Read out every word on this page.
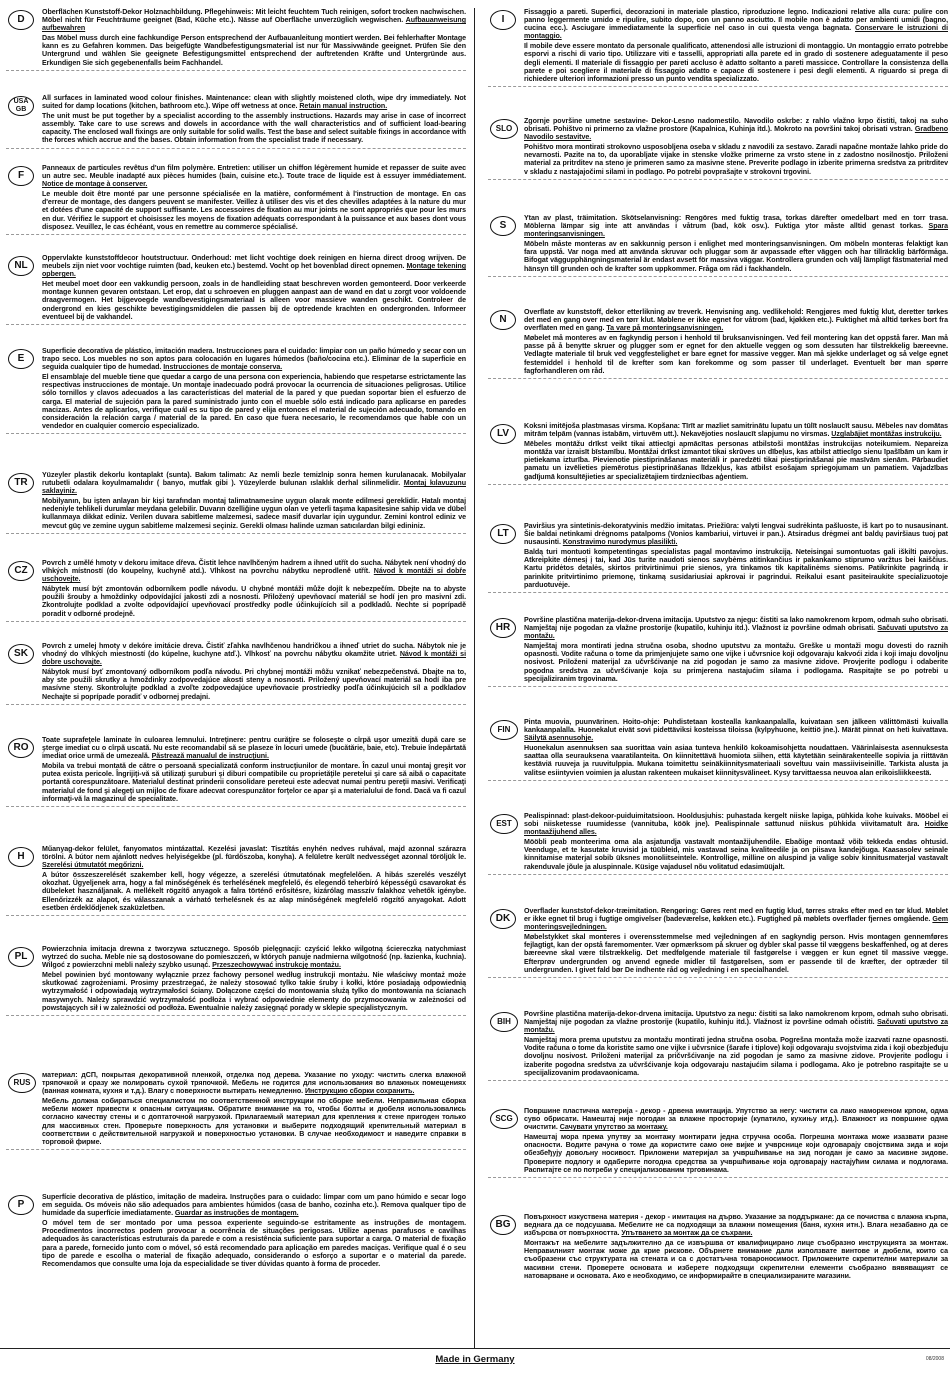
D

Oberflächen Kunststoff-Dekor Holznachbildung. Pflegehinweis: Mit leicht feuchtem Tuch reinigen, sofort trocken nachwischen. Möbel nicht für Feuchträume geeignet (Bad, Küche etc.). Nässe auf Oberfläche unverzüglich wegwischen. Aufbauanweisung aufbewahren

Das Möbel muss durch eine fachkundige Person entsprechend der Aufbauanleitung montiert werden. Bei fehlerhafter Montage kann es zu Gefahren kommen. Das beigefügte Wandbefestigungsmaterial ist nur für Massivwände geeignet. Prüfen Sie den Untergrund und wählen Sie geeignete Befestigungsmittel entsprechend der auftretenden Kräfte und Untergründe aus. Erkundigen Sie sich gegebenenfalls beim Fachhandel.

USA
GB

All surfaces in laminated wood colour finishes. Maintenance: clean with slightly moistened cloth, wipe dry immediately. Not suited for damp locations (kitchen, bathroom etc.). Wipe off wetness at once. Retain manual instruction.

The unit must be put together by a specialist according to the assembly instructions. Hazards may arise in case of incorrect assembly. Take care to use screws and dowels in accordance with the wall characteristics and of sufficient load-bearing capacity. The enclosed wall fixings are only suitable for solid walls. Test the base and select suitable fixings in accordance with the forces which accrue and the bases. Obtain information from the specialist trade if necessary.

F

Panneaux de particules revêtus d'un film polymère. Entretien: utiliser un chiffon légèrement humide et repasser de suite avec un autre sec. Meuble inadapté aux pièces humides (bain, cuisine etc.). Toute trace de liquide est à essuyer immédiatement. Notice de montage à conserver.

Le meuble doit être monté par une personne spécialisée en la matière, conformément à l'instruction de montage. En cas d'erreur de montage, des dangers peuvent se manifester. Veillez à utiliser des vis et des chevilles adaptées à la nature du mur et dotées d'une capacité de support suffisante. Les accessoires de fixation au mur joints ne sont appropriés que pour les murs en dur. Vérifiez le support et choisissez les moyens de fixation adéquats correspondant à la puissance et aux bases dont vous disposez. Veuillez, le cas échéant, vous en remettre au commerce spécialisé.

NL

Oppervlakte kunststoffdecor houtstructuur. Onderhoud: met licht vochtige doek reinigen en hierna direct droog wrijven. De meubels zijn niet voor vochtige ruimten (bad, keuken etc.) bestemd. Vocht op het bovenblad direct opnemen. Montage tekening opbergen.

Het meubel moet door een vakkundig persoon, zoals in de handleiding staat beschreven worden gemonteerd. Door verkeerde montage kunnen gevaren ontstaan. Let erop, dat u schroeven en pluggen aanpast aan de wand en dat u zorgt voor voldoende draagvermogen. Het bijgevoegde wandbevestigingsmateriaal is alleen voor massieve wanden geschikt. Controleer de ondergrond en kies geschikte bevestigingsmiddelen die passen bij de optredende krachten en ondergronden. Informeer eventueel bij de vakhandel.

E

Superficie decorativa de plástico, imitación madera. Instrucciones para el cuidado: limpiar con un paño húmedo y secar con un trapo seco. Los muebles no son aptos para colocación en lugares húmedos (baño/cocina etc.). Eliminar de la superficie en seguida cualquier tipo de humedad. Instrucciones de montaje conserva.

El ensamblaje del mueble tiene que quedar a cargo de una persona con experiencia, habiendo que respetarse estrictamente las respectivas instrucciones de montaje. Un montaje inadecuado podrá provocar la ocurrencia de situaciones peligrosas. Utilice sólo tornillos y clavos adecuados a las características del material de la pared y que puedan soportar bien el esfuerzo de carga. El material de sujeción para la pared suministrado junto con el mueble sólo está indicado para aplicarse en paredes macizas. Antes de aplicarlos, verifique cuál es su tipo de pared y elija entonces el material de sujeción adecuado, tomando en consideración la relación carga / material de la pared. En caso que fuera necesario, le recomendamos que hable con un vendedor en cualquier comercio especializado.

TR

Yüzeyler plastik dekorlu kontaplakt (sunta). Bakım talimatı: Az nemli bezle temizlnip sonra hemen kurulanacak. Mobilyalar rutubetli odalara koyulmamalıdır ( banyo, mutfak gibi ). Yüzeylerde bulunan ıslaklık derhal silinmelidir. Montaj kılavuzunu saklayiniz.

Mobilyanın, bu işten anlayan bir kişi tarafından montaj talimatnamesine uygun olarak monte edilmesi gereklidir. Hatalı montaj nedeniyle tehlikeli durumlar meydana gelebilir. Duvarın özelliğine uygun olan ve yeterli taşıma kapasitesine sahip vida ve dübel kullanmaya dikkat ediniz. Verilen duvara sabitleme malzemesi, sadece masif duvarlar için uygundur. Zemini kontrol ediniz ve mevcut güç ve zemine uygun sabitleme malzemesi seçiniz. Gerekli olması halinde uzman satıcılardan bilgi edininiz.

CZ

Povrch z umělé hmoty v dekoru imitace dřeva. Čistit lehce navlhčeným hadrem a ihned utřít do sucha. Nábytek není vhodný do vlhkých místností (do koupelny, kuchyně atd.). Vlhkost na povrchu nábytku neprodleně utřít. Návod k montáži si dobře uschovejte.

Nábytek musí být zmontován odborníkem podle návodu. U chybné montáži může dojít k nebezpečím. Dbejte na to abyste použili šrouby a hmoždinky odpovídající jakosti zdi a nosnosti. Přiložený upevňovací materiál se hodí jen pro masivní zdi. Zkontrolujte podklad a zvolte odpovídající upevňovací prostředky podle účinkujících sil a podkladů. Nechte si poprípadě poradit v odborné prodejně.

SK

Povrch z umelej hmoty v dekóre imitácie dreva. Čistiť zľahka navlhčenou handričkou a ihneď utriet do sucha. Nábytok nie je vhodný do vlhkých miestností (do kúpelne, kuchyne atď.). Vlhkosť na povrchu nábytku okamžite utriet. Návod k montáži si dobre uschovajte.

Nábytok musí byť zmontovaný odborníkom podľa návodu. Pri chybnej montáži môžu vznikať nebezpečenstvá. Dbajte na to, aby ste použili skrutky a hmoždinky zodpovedajúce akosti steny a nosnosti. Priložený upevňovací materiál sa hodí iba pre masívne steny. Skontrolujte podklad a zvoľte zodpovedajúce upevňovacie prostriedky podľa účinkujúcich síl a podkladov Nechajte si poprípade poradiť v odbornej predajni.

RO

Toate suprafeţele laminate în culoarea lemnului. Intreţinere: pentru curăţire se foloseşte o cîrpă uşor umezită după care se şterge imediat cu o cîrpă uscată. Nu este recomandabil să se plaseze în locuri umede (bucătărie, baie, etc). Trebuie îndepărtată imediat orice urmă de umezeală. Păstrează manualul de instrucţiuni.

Mobila va trebui montată de către o persoană specializată conform instrucţiunilor de montare. În cazul unui montaj greşit vor putea exista pericole. Îngrijiţi-vă să utilizaţi şuruburi şi diburi compatibile cu proprietăţile peretelui şi care să aibă o capacitate portantă corespunzătoare. Materialul destinat prinderii consolidare pereteui este adecvat numai pentru pereţii masivi. Verificaţi materialul de fond şi alegeţi un mijloc de fixare adecvat corespunzător forţelor ce apar şi a materialului de fond. Dacă va fi cazul informaţi-vă la magazinul de specialitate.

H

Műanyag-dekor felület, fanyomatos mintázattal. Kezelési javaslat: Tisztítás enyhén nedves ruhával, majd azonnal szárazra törölni. A bútor nem ajánlott nedves helyiségekbe (pl. fürdőszoba, konyha). A felületre került nedvességet azonnal töröljük le. Szerelési útmutatót megőrizni.

A bútor összeszerelését szakember kell, hogy végezze, a szerelési útmutatónak megfelelően. A hibás szerelés veszélyt okozhat. Ügyeljenek arra, hogy a fal minőségének és terhelésének megfelelő, és elegendő teherbíró képességű csavarokat és dübeleket használjanak. A mellékelt rögzítő anyagok a falra történő erősítésre, kizárólag masszív falakhoz vehetők igénybe. Ellenőrizzék az alapot, és válasszanak a várható terhelésnek és az alap minőségének megfelelő rögzítő anyagokat. Adott esetben érdeklődjenek szaküzletben.

PL

Powierzchnia imitacja drewna z tworzywa sztucznego. Sposób pielęgnacji: czyścić lekko wilgotną ściereczką natychmiast wytrzeć do sucha. Meble nie są dostosowane do pomieszczeń, w których panuje nadmierna wilgotność (np. łazienka, kuchnia). Wilgoć z powierzchni mebli należy szybko usunąć. Przeszechowywać instrukcję montażu.

Mebel powinien być montowany wyłącznie przez fachowy personel według instrukcji montażu. Nie właściwy montaż może skutkować zagrożeniami. Prosimy przestrzegać, że należy stosować tylko takie śruby i kołki, które posiadają odpowiednią wytrzymałość i odpowiadają wytrzymałości ściany. Dołączone części do montowania służą tylko do montowania na ścianach masywnych. Należy sprawdzić wytrzymałość podłoża i wybrać odpowiednie elementy do przymocowania w zależności od powstających sił i w zależności od podłoża. Ewentualnie należy zasięgnąć porady w sklepie specjalistycznym.

RUS

материал: дСП, покрытая декоративной пленкой, отделка под дерева. Указание по уходу: чистить слегка влажной тряпочкой и сразу же полировать сухой тряпочкой. Мебель не годится для использования во влажных помещениях (ванная комната, кухня и т.д.). Влагу с поверхности вытирать немедленно. Инструкцию сборки сохранить.

Мебель должна собираться специалистом по соответственной инструкции по сборке мебели. Неправильная сборка мебели может привести к опасным ситуациям. Обратите внимание на то, чтобы болты и дюбеля использовались согласно качеству стены и с доптаточной нагрузкой. Прилагаемый материал для крепления к стене пригоден только для массивных стен. Проверьте поверхность для установки и выберите подходящий крепительный материал в соответствии с действительной нагрузкой и поверхностью установки. В случае необходимост и наведите справки в торговой фирме.

P

Superfície decorativa de plástico, imitação de madeira. Instruções para o cuidado: limpar com um pano húmido e secar logo em seguida. Os móveis não são adequados para ambientes húmidos (casa de banho, cozinha etc.). Remova qualquer tipo de humidade da superfície imediatamente. Guardar as instruções de montagem.

O móvel tem de ser montado por uma pessoa experiente seguindo-se estritamente as instruções de montagem. Procedimentos incorrectos podem provocar a ocorrência de situações perigosas. Utilize apenas parafusos e cavilhas adequados às características estruturais da parede e com a resistência suficiente para suportar a carga. O material de fixação para a parede, fornecido junto com o móvel, só está recomendado para aplicação em paredes maciças. Verifique qual é o seu tipo de parede e escolha o material de fixação adequado, considerando o esforço a suportar e o material da parede. Recomendamos que consulte uma loja da especialidade se tiver dúvidas quanto à forma de proceder.

I

Fissaggio a pareti. Superfici, decorazioni in materiale plastico, riproduzione legno. Indicazioni relative alla cura: pulire con panno leggermente umido e ripulire, subito dopo, con un panno asciutto. Il mobile non è adatto per ambienti umidi (bagno, cucina ecc.). Asciugare immediatamente la superficie nel caso in cui questa venga bagnata. Conservare le istruzioni di montaggio.

Il mobile deve essere montato da personale qualificato, attenendosi alle istruzioni di montaggio. Un montaggio errato potrebbe esporvi a rischi di vario tipo. Utilizzare viti e tasselli, appropriati alla parete ed in grado di sostenere adeguatamente il peso degli elementi. Il materiale di fissaggio per pareti accluso è adatto soltanto a pareti massicce. Controllare la consistenza della parete e poi scegliere il materiale di fissaggio adatto e capace di sostenere i pesi degli elementi. A riguardo si prega di richiedere ulteriori informazioni presso un punto vendita specializzato.

SLO

Zgornje površine umetne sestavine- Dekor-Lesno nadomestilo. Navodilo oskrbe: z rahlo vlažno krpo čistiti, takoj na suho obrisati. Pohištvo ni primerno za vlažne prostore (Kapalnica, Kuhinja itd.). Mokroto na površini takoj obrisati vstran. Gradbeno Navodilo sestavitve.

Pohištvo mora montirati strokovno usposobljena oseba v skladu z navodili za sestavo. Zaradi napačne montaže lahko pride do nevarnosti. Pazite na to, da uporabljate vijake in stenske vložke primerne za vrsto stene in z zadostno nosilnostjo. Priloženi material za pritrditev na steno je primeren samo za masivne stene. Preverite podlago in izberite primerna sredstva za pritrditev v skladu z nastajajočimi silami in podlago. Po potrebi povprašajte v strokovni trgovini.

S

Ytan av plast, träimitation. Skötselanvisning: Rengöres med fuktig trasa, torkas därefter omedelbart med en torr trasa. Möblerna lämpar sig inte att användas i våtrum (bad, kök osv.). Fuktiga ytor måste alltid genast torkas. Spara monteringsanvisningen.

Möbeln måste monteras av en sakkunnig person i enlighet med monteringsanvisningen. Om möbeln monteras felaktigt kan fara uppstå. Var noga med att använda skruvar och pluggar som är avpassade efter väggen och har tillräcklig bärförmåga. Bifogat väggupphängningsmaterial är endast avsett för massiva väggar. Kontrollera grunden och välj lämpligt fästmaterial med hänsyn till grunden och de krafter som uppkommer. Fråga om råd i fackhandeln.

N

Overflate av kunststoff, dekor etterlikning av treverk. Henvisning ang. vedlikehold: Rengjøres med fuktig klut, deretter tørkes det med en gang over med en tørr klut. Møblene er ikke egnet for våtrom (bad, kjøkken etc.). Fuktighet må alltid tørkes bort fra overflaten med en gang. Ta vare på monteringsanvisningen.

Møbelet må monteres av en fagkyndig person i henhold til bruksanvisningen. Ved feil montering kan det oppstå farer. Man må passe på å benytte skruer og plugger som er egnet for den aktuelle veggen og som dessuten har tilstrekkelig bæreevne. Vedlagte materiale til bruk ved veggfestelighet er bare egnet for massive vegger. Man må sjekke underlaget og så velge egnet festemiddel i henhold til de krefter som kan forekomme og som passer til underlaget. Eventuelt bør man spørre fagforhandleren om råd.

LV

Koksni imitējoša plastmasas virsma. Kopšana: Tīrīt ar mazliet samitrinātu lupatu un tūlīt noslaucīt sausu. Mēbeles nav domātas mitrām telpām (vannas istabām, virtuvēm utt.). Nekavējoties noslaucīt slapjumu no virsmas. Uzglabājiet montāžas instrukciju.

Mēbeles montāžu drīkst veikt tikai attiecīgi apmācītas personas atbilstoši montāžas instrukcijas noteikumiem. Nepareiza montāža var izraisīt bīstamību. Montāžai drīkst izmantot tikai skrūves un dībeļus, kas atbilst attiecīgo sienu īpašībām un kam ir pietiekama izturība. Pievienotie piestiprināšanas materiāli ir paredzēti tikai piestiprināšanai pie masīvām sienām. Pārbaudiet pamatu un izvēlieties piemērotus piestiprināšanas līdzekļus, kas atbilst esošajam spriegojumam un pamatiem. Vajadzības gadījumā konsultējieties ar specializētajiem tirdzniecības aģentiem.

LT

Paviršius yra sintetinis-dekoratyvinis medžio imitatas. Priežiūra: valyti lengvai sudrėkinta pašluoste, iš kart po to nusausinant. Šie baldai netinkami drėgnoms patalpoms (Vonios kambariui, virtuvei ir pan.). Atsiradus drėgmei ant baldų paviršiaus tuoj pat nusausinti. Konstravimo nurodymus plasilikti.

Baldą turi montuoti kompetentingas specialistas pagal montavimo instrukciją. Neteisingai sumontuotas gali iškilti pavojus. Atkreipkite dėmesį į tai, kad Jūs turite naudoti sienos savybėms atitinkančius ir pakankamo stiprumo varžtus bei kaiščius. Kartu pridėtos detalės, skirtos pritvirtinimui prie sienos, yra tinkamos tik kapitalinėms sienoms. Patikrinkite pagrindą ir parinkite pritvirtinimo priemonę, tinkamą susidariusiai apkrovai ir pagrindui. Reikalui esant pasiteiraukite specializuotoje parduotuvėje.

HR

Površine plastična materija-dekor-drvena imitacija. Uputstvo za njegu: čistiti sa lako namokrenom krpom, odmah suho obrisati. Namještaj nije pogodan za vlažne prostorije (kupatilo, kuhinju itd.). Vlažnost iz površine odmah obrisati. Sačuvati uputstvo za montažu.

Namještaj mora montirati jedna stručna osoba, shodno uputstvu za montažu. Greške u montaži mogu dovesti do raznih opasnosti. Vodite računa o tome da primjenjujete samo one vijke i učvrsnice koji odgovaraju kakvoći zida i koji imaju dovoljnu nosivost. Priloženi materijal za učvršćivanje na zid pogodan je samo za masivne zidove. Provjerite podlogu i odaberite pogodna sredstva za učvršćivanje koja su primjerena nastajućim silama i podlogama. Raspitajte se po potrebi u specijaliziranim trgovinama.

FIN

Pinta muovia, puunvärinen. Hoito-ohje: Puhdistetaan kostealla kankaanpalalla, kuivataan sen jälkeen välittömästi kuivalla kankaanpalalla. Huonekalut eivät sovi pidettäviksi kosteissa tiloissa (kylpyhuone, keittiö jne.). Märät pinnat on heti kuivattava. Säilytä asennusohje.

Huonekalun asennuksen saa suorittaa vain asiaa tunteva henkilö kokoamisohjetta noudattaen. Väärinlaisesta asennuksesta saattaa olla seurauksena vaaratilanteita. On kiinnitettävä huomiota siihen, että käytetään seinärakenteelle sopivia ja riittävän kestäviä ruuveja ja ruuvitulppia. Mukana toimitettu seinäkiinnitysmateriaali soveltuu vain massiiviseinille. Tarkista alusta ja valitse esiintyvien voimien ja alustan rakenteen mukaiset kiinnitysvälineet. Kysy tarvittaessa neuvoa alan erikoisliikkeestä.

EST

Pealispinnad: plast-dekoor-puiduimitatsioon. Hooldusjuhis: puhastada kergelt niiske lapiga, pühkida kohe kuivaks. Mööbel ei sobi niisketesse ruumidesse (vannituba, köök jne). Pealispinnale sattunud niiskus pühkida viivitamatult ära. Hoidke montaažijuhend alles.

Mööbli peab monteerima oma ala asjatundja vastavalt montaažijuhendile. Ebaõige montaaž võib tekkeda endas ohtusid. Veenduge, et te kasutate kruvisid ja tüübleid, mis vastavad seina kvaliteedile ja on piisava kandejõuga. Kaasasolev seinale kinnitamise materjal sobib üksnes monoliitseintele. Kontrollige, milline on aluspind ja valige sobiv kinnitusmaterjal vastavalt rakenduvale jõule ja aluspinnale. Küsige vajadusel nõu volitatud edasimüüjalt.

DK

Overflader kunststof-dekor-træimitation. Rengøring: Gøres rent med en fugtig klud, tørres straks efter med en tør klud. Møblet er ikke egnet til brug i fugtige omgivelser (badeværelse, køkken etc.). Fugtighed på møblets overflader fjernes omgående. Gem monteringsvejledningen.

Møbelstykket skal monteres i overensstemmelse med vejledningen af en sagkyndig person. Hvis montagen gennemføres fejlagtigt, kan der opstå faremomenter. Vær opmærksom på skruer og dybler skal passe til væggens beskaffenhed, og at deres bæreevne skal være tilstrækkelig. Det medfølgende materiale til fastgørelse i væggen er kun egnet til massive vægge. Efterprøv undergrunden og anvend egnede midler til fastgørelsen, som er passende til de kræfter, der optræder til undergrunden. I givet fald bør De indhente råd og vejledning i en specialhandel.

BIH

Površine plastična materija-dekor-drvena imitacija. Uputstvo za negu: čistiti sa lako namokrenom krpom, odmah suho obrisati. Namještaj nije pogodan za vlažne prostorije (kupatilo, kuhinju itd.). Vlažnost iz površine odmah očistiti. Sačuvati uputstvo za montažu.

Namještaj mora prema uputstvu za montažu montirati jedna stručna osoba. Pogrešna montaža može izazvati razne opasnosti. Vodite računa o tome da koristite samo one vijke i učvrsnice (šarafe i tiplove) koji odgovaraju svojstvima zida i koji obezbjeđuju dovoljnu nosivost. Priloženi materijal za pričvršćivanje na zid pogodan je samo za masivne zidove. Provjerite podlogu i izaberite pogodna sredstva za učvršćivanje koja odgovaraju nastajućim silama i podlogama. Ako je potrebno raspitajte se u specijalizovanim prodavaonicama.

SCG

Површине пластична материја - декор - дрвена имитација. Упутство за негу: чистити са лако наморкеном крпом, одма суво обрисати. Намештај није погодан за влажне просторије (купатило, кухињу итд.). Влажност из површине одма очистити. Сачувати упутство за монтажу.

Намештај мора према упутву за монтажу монтирати једна стручна особа. Погрешна монтажа може изазвати разне опасности. Водите рачуна о томе да користите само оне вијке и учврснице који одговарају својствима зида и који обезбеђују довољну носивост. Приложени материјал за учвршћивање на зид погодан је само за масивне зидове. Проверите подлогу и одаберите погодна средства за учвршћивање која одговарају настајућим силама и подлогама. Распитајте се по потреби у специјализованим трговинама.

BG

Повърхност изкуствена материя - декор - имитация на дърво. Указание за поддържане: да се почиства с влажна кърпа, веднага да се подсушава. Мебелите не са подходящи за влажни помещения (баня, кухня итн.). Влага незабавно да се избърсва от повърхността. Упътването за монтаж да се съхрани.

Монтажът на мебелите задължително да се извършва от квалифицирано лице съобразно инструкцията за монтаж. Неправилният монтаж може да крие рискове. Обърнете внимание дали използвате винтове и дюбели, които са съобразени със структурата на стената и са с достатъчна товароносимост. Приложените скрепителни материали за масивни стени. Проверете основата и изберете подходящи скрепителни елементи съобразно вявяващият се натоварване и основата. Ако е необходимо, се информирайте в специализираните магазини.

Made in Germany	08/2008
